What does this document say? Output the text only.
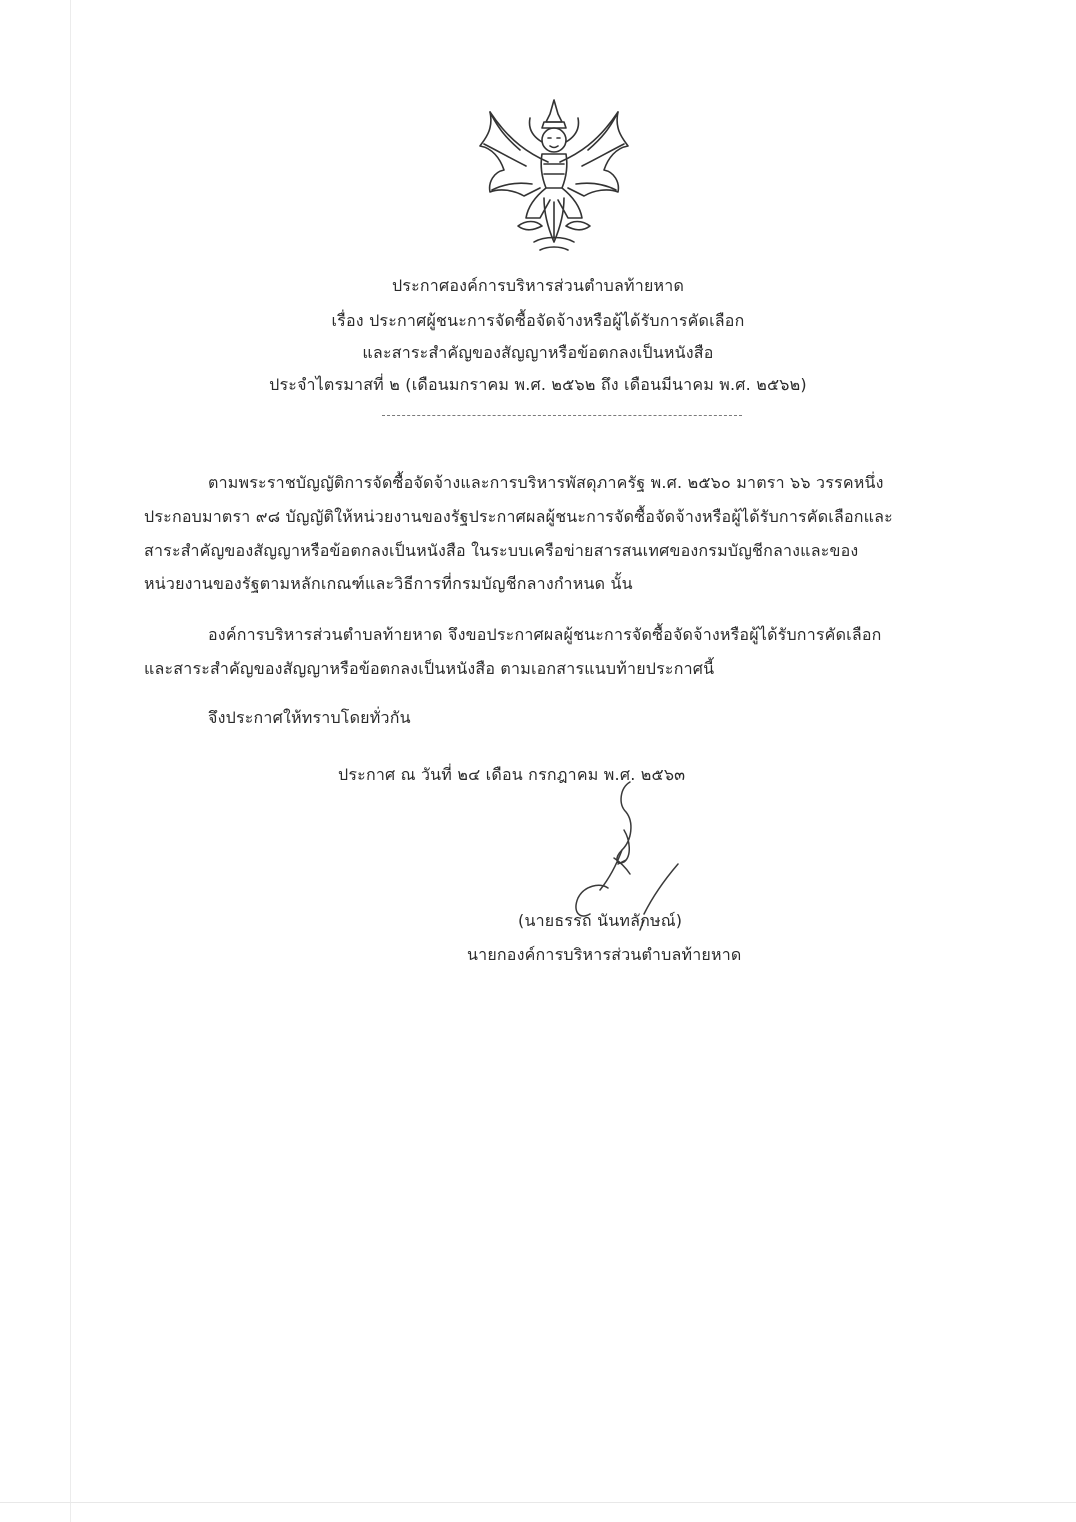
ประกาศองค์การบริหารส่วนตำบลท้ายหาด
เรื่อง ประกาศผู้ชนะการจัดซื้อจัดจ้างหรือผู้ได้รับการคัดเลือก
และสาระสำคัญของสัญญาหรือข้อตกลงเป็นหนังสือ
ประจำไตรมาสที่ ๒ (เดือนมกราคม พ.ศ. ๒๕๖๒ ถึง เดือนมีนาคม พ.ศ. ๒๕๖๒)
ตามพระราชบัญญัติการจัดซื้อจัดจ้างและการบริหารพัสดุภาครัฐ พ.ศ. ๒๕๖๐ มาตรา ๖๖ วรรคหนึ่ง
ประกอบมาตรา ๙๘ บัญญัติให้หน่วยงานของรัฐประกาศผลผู้ชนะการจัดซื้อจัดจ้างหรือผู้ได้รับการคัดเลือกและ
สาระสำคัญของสัญญาหรือข้อตกลงเป็นหนังสือ ในระบบเครือข่ายสารสนเทศของกรมบัญชีกลางและของ
หน่วยงานของรัฐตามหลักเกณฑ์และวิธีการที่กรมบัญชีกลางกำหนด นั้น
องค์การบริหารส่วนตำบลท้ายหาด จึงขอประกาศผลผู้ชนะการจัดซื้อจัดจ้างหรือผู้ได้รับการคัดเลือก
และสาระสำคัญของสัญญาหรือข้อตกลงเป็นหนังสือ ตามเอกสารแนบท้ายประกาศนี้
จึงประกาศให้ทราบโดยทั่วกัน
ประกาศ ณ วันที่ ๒๔ เดือน กรกฎาคม พ.ศ. ๒๕๖๓
(นายธรรถ นันทลักษณ์)
นายกองค์การบริหารส่วนตำบลท้ายหาด
